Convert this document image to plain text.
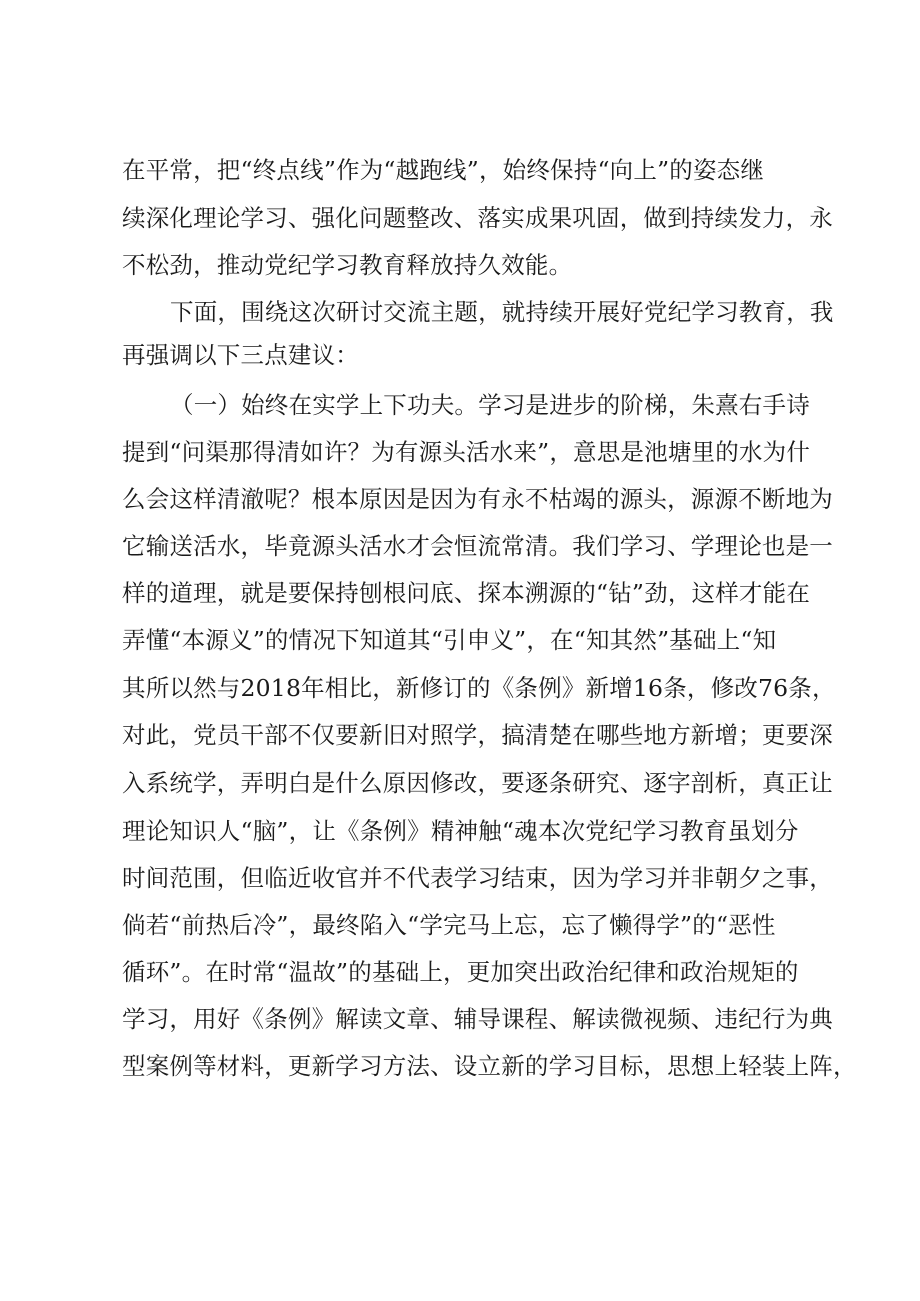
在平常，把“终点线”作为“越跑线”，始终保持“向上”的姿态继
续深化理论学习、强化问题整改、落实成果巩固，做到持续发力，永
不松劲，推动党纪学习教育释放持久效能。
下面，围绕这次研讨交流主题，就持续开展好党纪学习教育，我
再强调以下三点建议：
（一）始终在实学上下功夫。学习是进步的阶梯，朱熹右手诗
提到“问渠那得清如许？为有源头活水来”，意思是池塘里的水为什
么会这样清澈呢？根本原因是因为有永不枯竭的源头，源源不断地为
它输送活水，毕竟源头活水才会恒流常清。我们学习、学理论也是一
样的道理，就是要保持刨根问底、探本溯源的“钻”劲，这样才能在
弄懂“本源义”的情况下知道其“引申义”，在“知其然”基础上“知
其所以然与2018年相比，新修订的《条例》新增16条，修改76条，
对此，党员干部不仅要新旧对照学，搞清楚在哪些地方新增；更要深
入系统学，弄明白是什么原因修改，要逐条研究、逐字剖析，真正让
理论知识人“脑”，让《条例》精神触“魂本次党纪学习教育虽划分
时间范围，但临近收官并不代表学习结束，因为学习并非朝夕之事，
倘若“前热后冷”，最终陷入“学完马上忘，忘了懒得学”的“恶性
循环”。在时常“温故”的基础上，更加突出政治纪律和政治规矩的
学习，用好《条例》解读文章、辅导课程、解读微视频、违纪行为典
型案例等材料，更新学习方法、设立新的学习目标，思想上轻装上阵，
